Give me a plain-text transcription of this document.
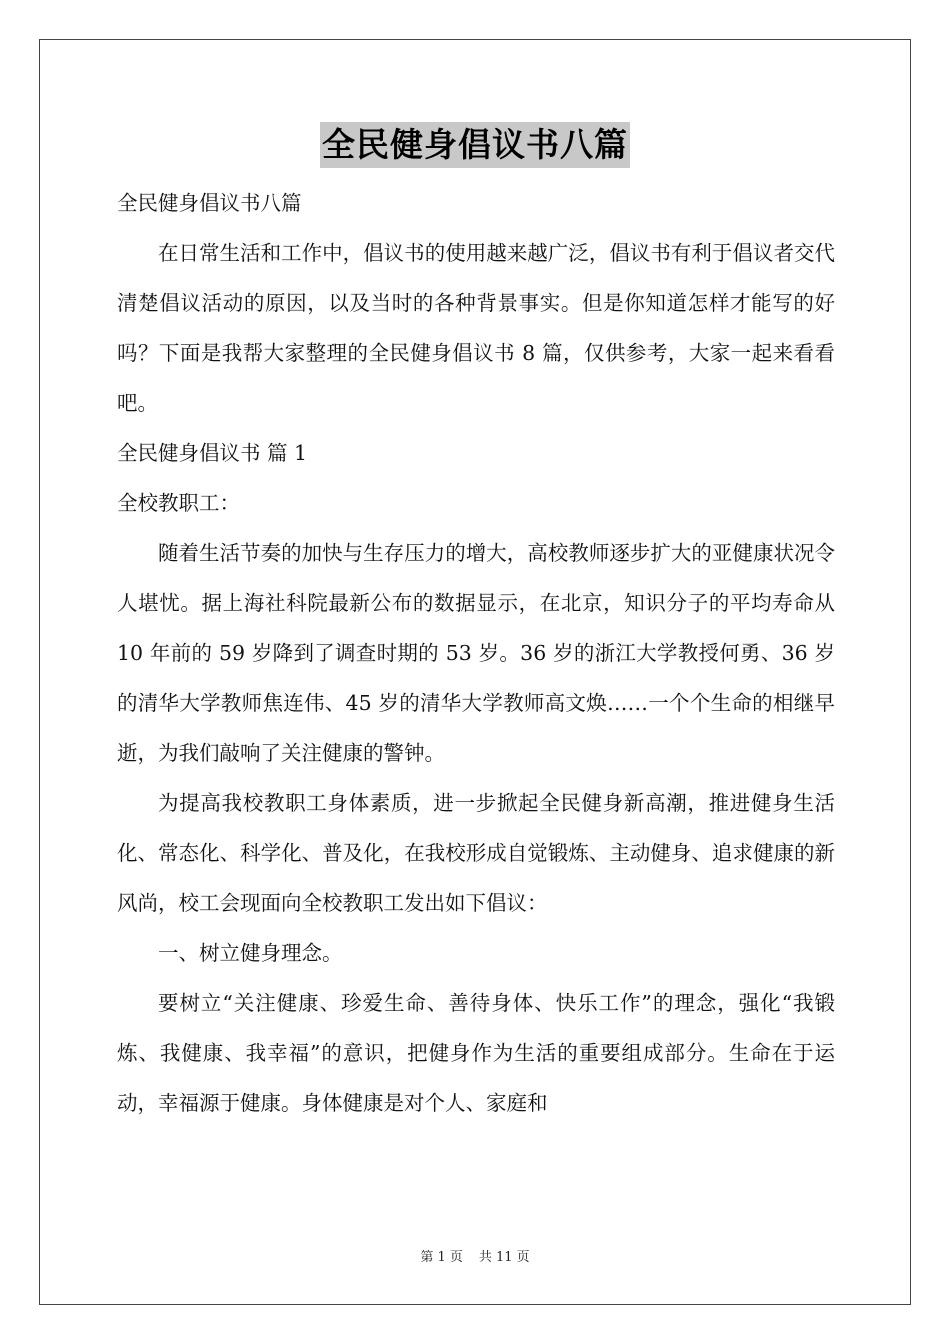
全民健身倡议书八篇

全民健身倡议书八篇

在日常生活和工作中，倡议书的使用越来越广泛，倡议书有利于倡议者交代清楚倡议活动的原因，以及当时的各种背景事实。但是你知道怎样才能写的好吗？下面是我帮大家整理的全民健身倡议书 8 篇，仅供参考，大家一起来看看吧。

全民健身倡议书 篇 1

全校教职工：

随着生活节奏的加快与生存压力的增大，高校教师逐步扩大的亚健康状况令人堪忧。据上海社科院最新公布的数据显示，在北京，知识分子的平均寿命从 10 年前的 59 岁降到了调查时期的 53 岁。36 岁的浙江大学教授何勇、36 岁的清华大学教师焦连伟、45 岁的清华大学教师高文焕……一个个生命的相继早逝，为我们敲响了关注健康的警钟。

为提高我校教职工身体素质，进一步掀起全民健身新高潮，推进健身生活化、常态化、科学化、普及化，在我校形成自觉锻炼、主动健身、追求健康的新风尚，校工会现面向全校教职工发出如下倡议：

一、树立健身理念。

要树立“关注健康、珍爱生命、善待身体、快乐工作”的理念，强化“我锻炼、我健康、我幸福”的意识，把健身作为生活的重要组成部分。生命在于运动，幸福源于健康。身体健康是对个人、家庭和

第 1 页 共 11 页
